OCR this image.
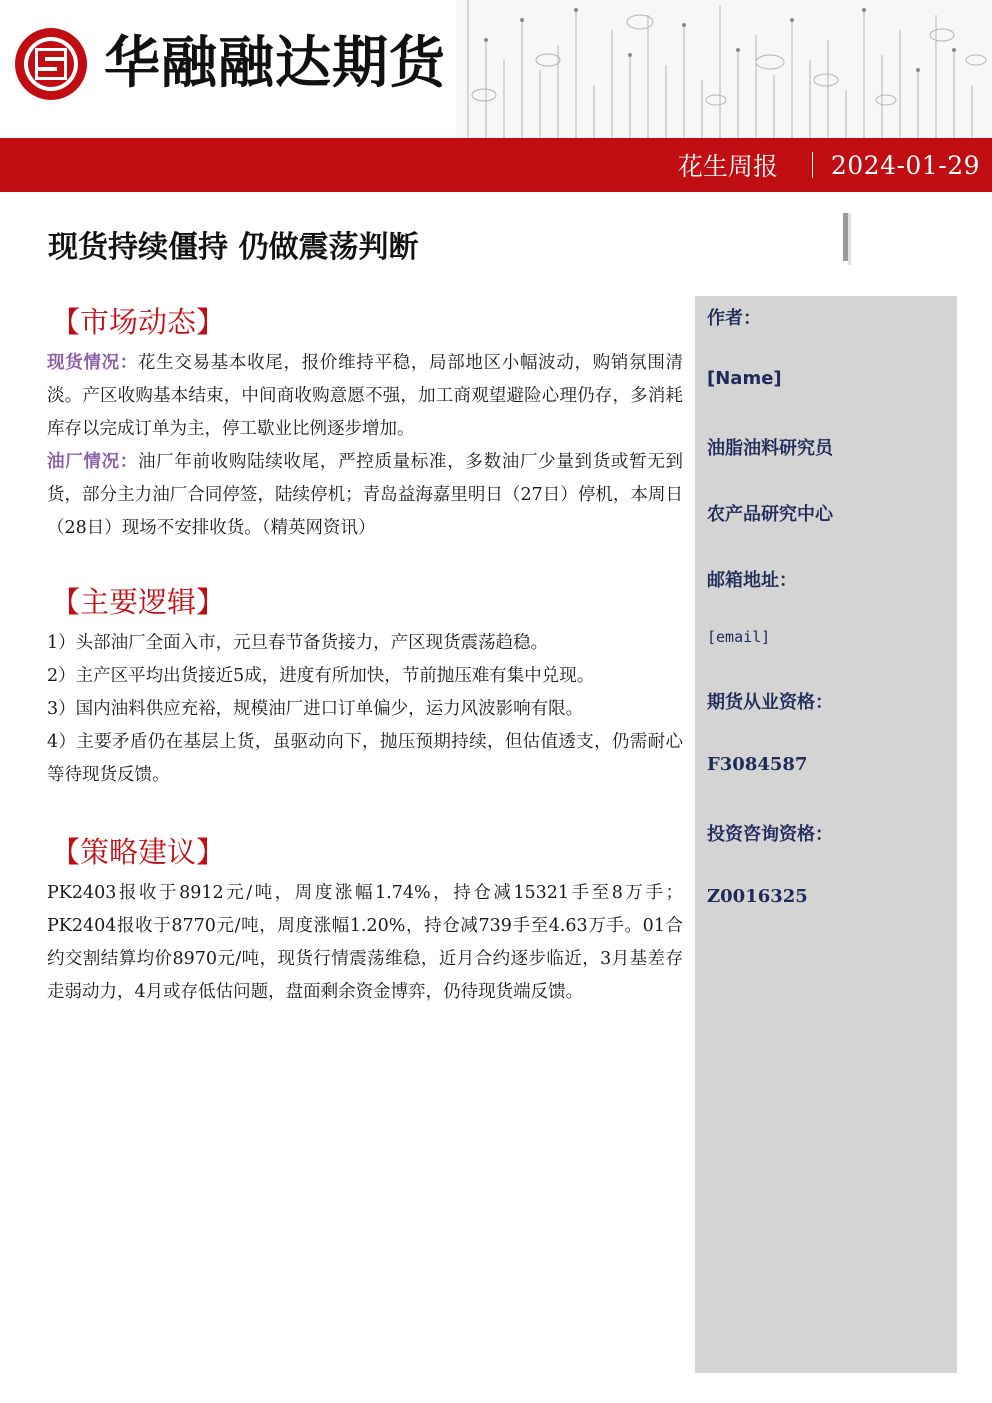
华融融达期货
花生周报 2024-01-29
现货持续僵持 仍做震荡判断
【市场动态】

现货情况：花生交易基本收尾，报价维持平稳，局部地区小幅波动，购销氛围清淡。产区收购基本结束，中间商收购意愿不强，加工商观望避险心理仍存，多消耗库存以完成订单为主，停工歇业比例逐步增加。

油厂情况：油厂年前收购陆续收尾，严控质量标准，多数油厂少量到货或暂无到货，部分主力油厂合同停签，陆续停机；青岛益海嘉里明日（27日）停机，本周日（28日）现场不安排收货。（精英网资讯）

【主要逻辑】

1）头部油厂全面入市，元旦春节备货接力，产区现货震荡趋稳。

2）主产区平均出货接近5成，进度有所加快，节前抛压难有集中兑现。

3）国内油料供应充裕，规模油厂进口订单偏少，运力风波影响有限。

4）主要矛盾仍在基层上货，虽驱动向下，抛压预期持续，但估值透支，仍需耐心等待现货反馈。

【策略建议】

PK2403报收于8912元/吨，周度涨幅1.74%，持仓减15321手至8万手；PK2404报收于8770元/吨，周度涨幅1.20%，持仓减739手至4.63万手。01合约交割结算均价8970元/吨，现货行情震荡维稳，近月合约逐步临近，3月基差存走弱动力，4月或存低估问题，盘面剩余资金博弈，仍待现货端反馈。

作者：
[Name]
油脂油料研究员
农产品研究中心
邮箱地址：
[email]
期货从业资格：
F3084587
投资咨询资格：
Z0016325
